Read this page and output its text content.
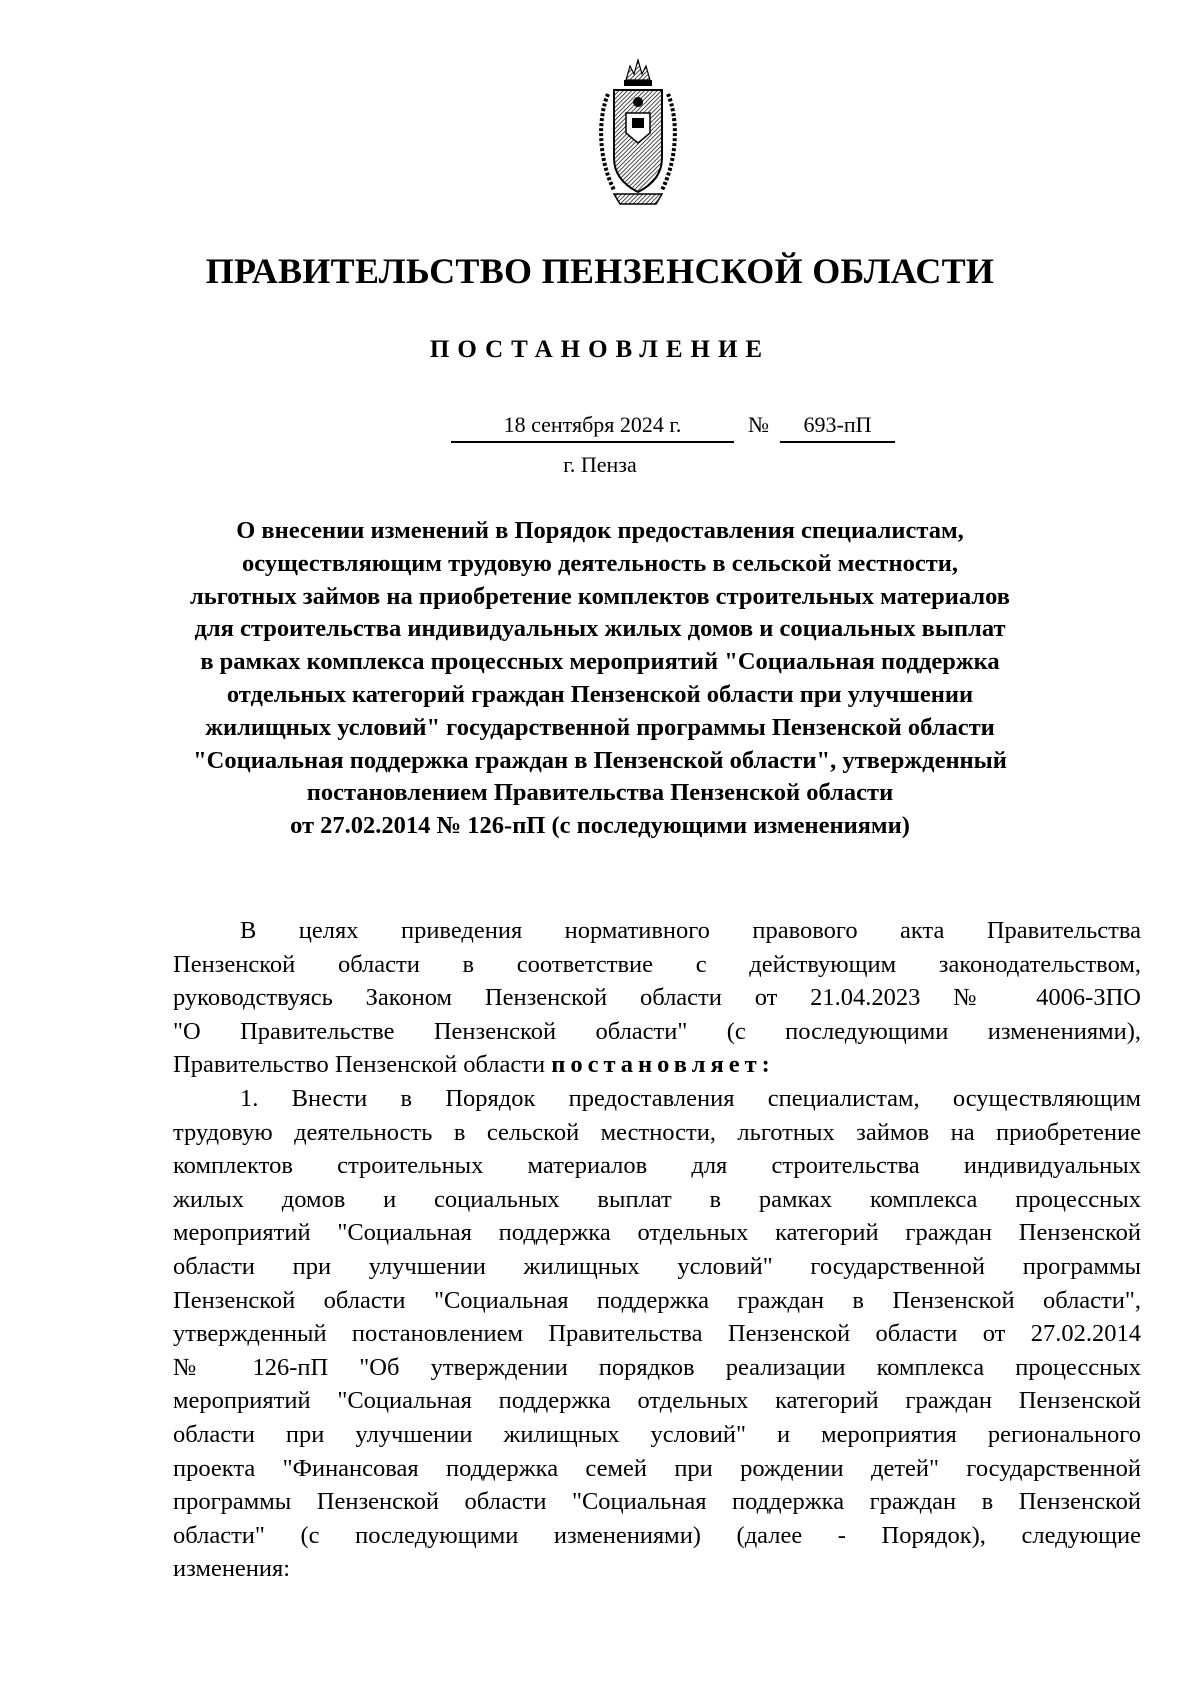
ПРАВИТЕЛЬСТВО ПЕНЗЕНСКОЙ ОБЛАСТИ
ПОСТАНОВЛЕНИЕ
18 сентября 2024 г.	№	693-пП
г. Пенза
О внесении изменений в Порядок предоставления специалистам,
осуществляющим трудовую деятельность в сельской местности,
льготных займов на приобретение комплектов строительных материалов
для строительства индивидуальных жилых домов и социальных выплат
в рамках комплекса процессных мероприятий "Социальная поддержка
отдельных категорий граждан Пензенской области при улучшении
жилищных условий" государственной программы Пензенской области
"Социальная поддержка граждан в Пензенской области", утвержденный
постановлением Правительства Пензенской области
от 27.02.2014 № 126-пП (с последующими изменениями)
В целях приведения нормативного правового акта Правительства
Пензенской области в соответствие с действующим законодательством,
руководствуясь Законом Пензенской области от 21.04.2023 № 4006-ЗПО
"О Правительстве Пензенской области" (с последующими изменениями),
Правительство Пензенской области постановляет:
1. Внести в Порядок предоставления специалистам, осуществляющим
трудовую деятельность в сельской местности, льготных займов на приобретение
комплектов строительных материалов для строительства индивидуальных
жилых домов и социальных выплат в рамках комплекса процессных
мероприятий "Социальная поддержка отдельных категорий граждан Пензенской
области при улучшении жилищных условий" государственной программы
Пензенской области "Социальная поддержка граждан в Пензенской области",
утвержденный постановлением Правительства Пензенской области от 27.02.2014
№ 126-пП "Об утверждении порядков реализации комплекса процессных
мероприятий "Социальная поддержка отдельных категорий граждан Пензенской
области при улучшении жилищных условий" и мероприятия регионального
проекта "Финансовая поддержка семей при рождении детей" государственной
программы Пензенской области "Социальная поддержка граждан в Пензенской
области" (с последующими изменениями) (далее - Порядок), следующие
изменения:
